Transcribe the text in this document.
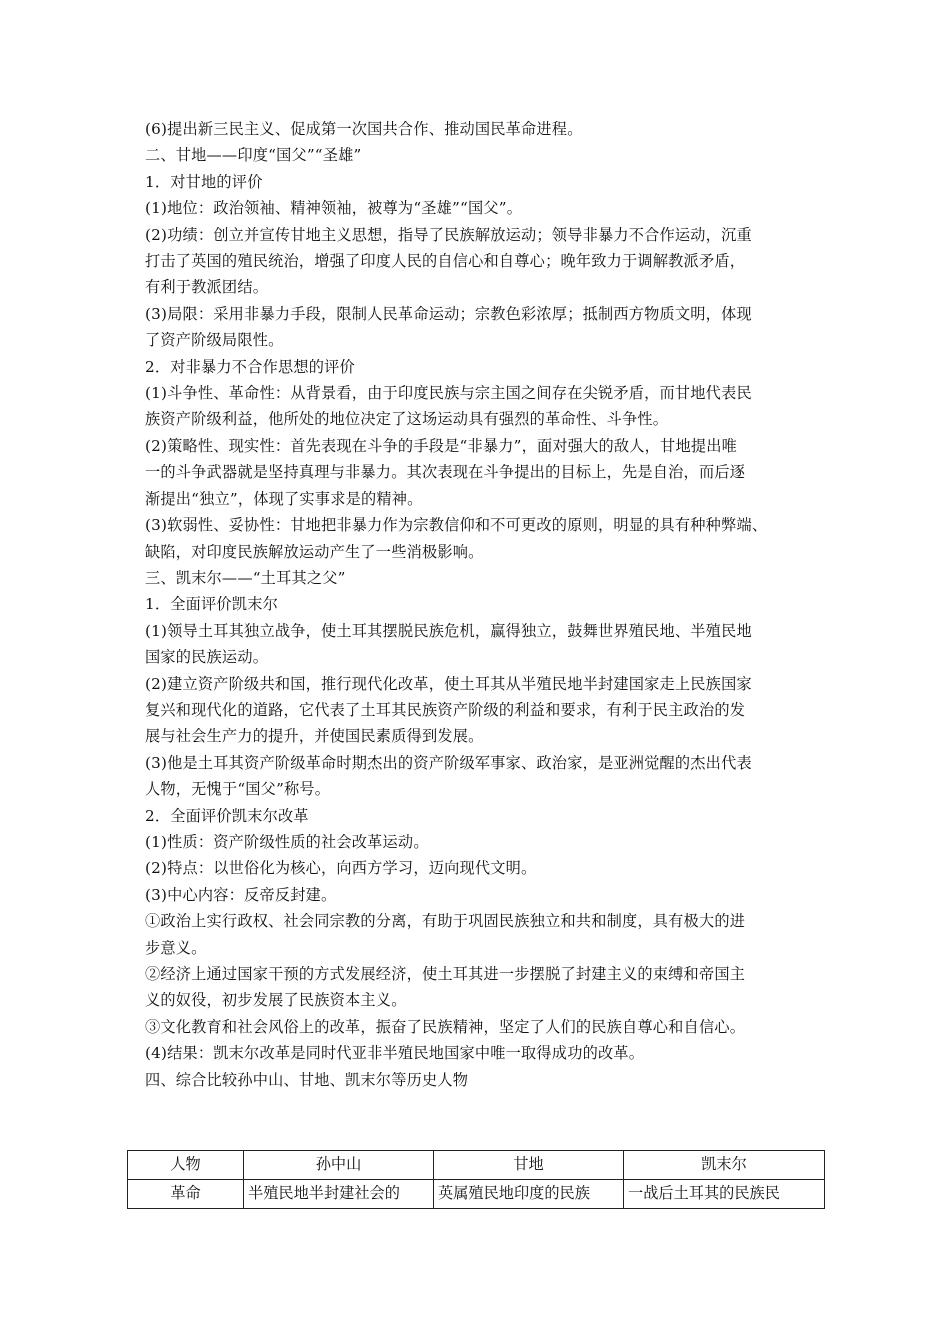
(6)提出新三民主义、促成第一次国共合作、推动国民革命进程。
二、甘地——印度“国父”“圣雄”
1．对甘地的评价
(1)地位：政治领袖、精神领袖，被尊为“圣雄”“国父”。
(2)功绩：创立并宣传甘地主义思想，指导了民族解放运动；领导非暴力不合作运动，沉重
打击了英国的殖民统治，增强了印度人民的自信心和自尊心；晚年致力于调解教派矛盾，
有利于教派团结。
(3)局限：采用非暴力手段，限制人民革命运动；宗教色彩浓厚；抵制西方物质文明，体现
了资产阶级局限性。
2．对非暴力不合作思想的评价
(1)斗争性、革命性：从背景看，由于印度民族与宗主国之间存在尖锐矛盾，而甘地代表民
族资产阶级利益，他所处的地位决定了这场运动具有强烈的革命性、斗争性。
(2)策略性、现实性：首先表现在斗争的手段是“非暴力”，面对强大的敌人，甘地提出唯
一的斗争武器就是坚持真理与非暴力。其次表现在斗争提出的目标上，先是自治，而后逐
渐提出“独立”，体现了实事求是的精神。
(3)软弱性、妥协性：甘地把非暴力作为宗教信仰和不可更改的原则，明显的具有种种弊端、
缺陷，对印度民族解放运动产生了一些消极影响。
三、凯末尔——“土耳其之父”
1．全面评价凯末尔
(1)领导土耳其独立战争，使土耳其摆脱民族危机，赢得独立，鼓舞世界殖民地、半殖民地
国家的民族运动。
(2)建立资产阶级共和国，推行现代化改革，使土耳其从半殖民地半封建国家走上民族国家
复兴和现代化的道路，它代表了土耳其民族资产阶级的利益和要求，有利于民主政治的发
展与社会生产力的提升，并使国民素质得到发展。
(3)他是土耳其资产阶级革命时期杰出的资产阶级军事家、政治家，是亚洲觉醒的杰出代表
人物，无愧于“国父”称号。
2．全面评价凯末尔改革
(1)性质：资产阶级性质的社会改革运动。
(2)特点：以世俗化为核心，向西方学习，迈向现代文明。
(3)中心内容：反帝反封建。
①政治上实行政权、社会同宗教的分离，有助于巩固民族独立和共和制度，具有极大的进
步意义。
②经济上通过国家干预的方式发展经济，使土耳其进一步摆脱了封建主义的束缚和帝国主
义的奴役，初步发展了民族资本主义。
③文化教育和社会风俗上的改革，振奋了民族精神，坚定了人们的民族自尊心和自信心。
(4)结果：凯末尔改革是同时代亚非半殖民地国家中唯一取得成功的改革。
四、综合比较孙中山、甘地、凯末尔等历史人物
人物	孙中山	甘地	凯末尔
革命	半殖民地半封建社会的	英属殖民地印度的民族	一战后土耳其的民族民
